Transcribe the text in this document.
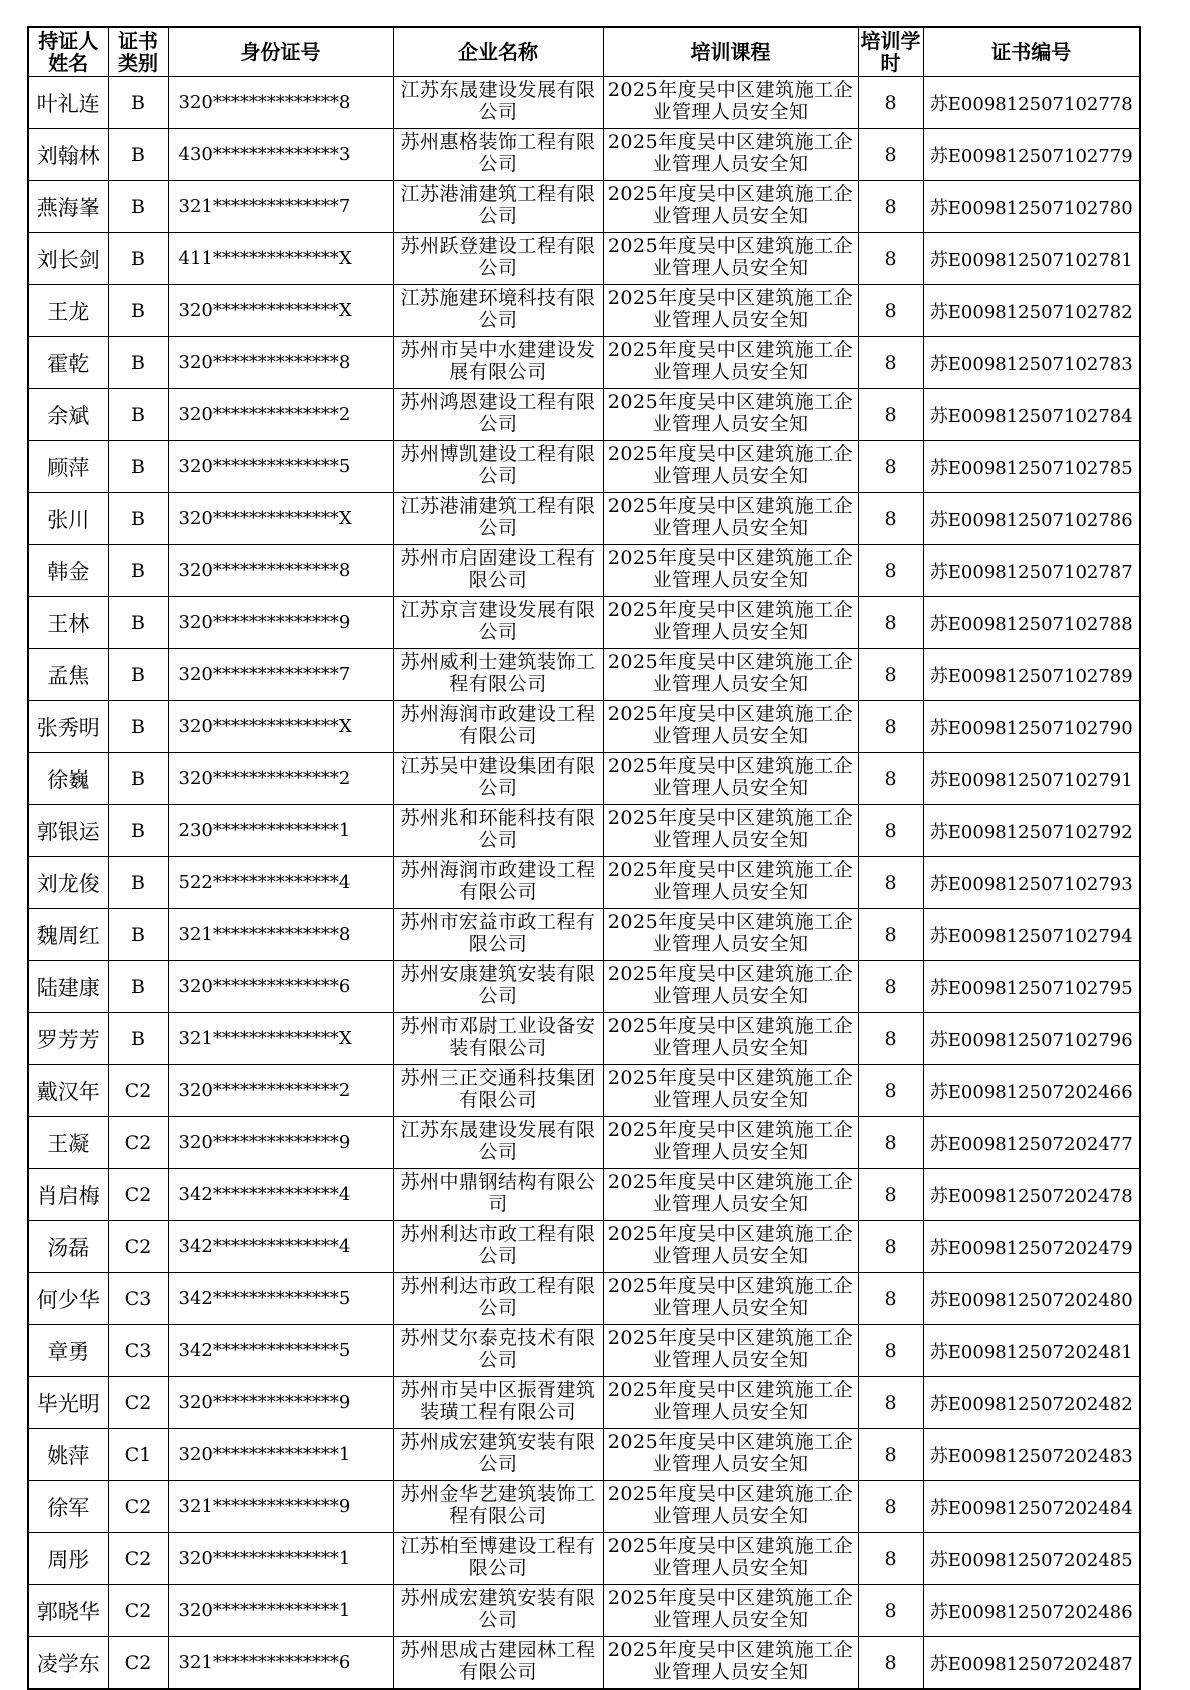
持证人姓名	证书类别	身份证号	企业名称	培训课程	培训学时	证书编号
叶礼连	B	320**************8	江苏东晟建设发展有限公司	2025年度吴中区建筑施工企业管理人员安全知	8	苏E009812507102778
刘翰林	B	430**************3	苏州惠格装饰工程有限公司	2025年度吴中区建筑施工企业管理人员安全知	8	苏E009812507102779
燕海峯	B	321**************7	江苏港浦建筑工程有限公司	2025年度吴中区建筑施工企业管理人员安全知	8	苏E009812507102780
刘长剑	B	411**************X	苏州跃登建设工程有限公司	2025年度吴中区建筑施工企业管理人员安全知	8	苏E009812507102781
王龙	B	320**************X	江苏施建环境科技有限公司	2025年度吴中区建筑施工企业管理人员安全知	8	苏E009812507102782
霍乾	B	320**************8	苏州市吴中水建建设发展有限公司	2025年度吴中区建筑施工企业管理人员安全知	8	苏E009812507102783
余斌	B	320**************2	苏州鸿恩建设工程有限公司	2025年度吴中区建筑施工企业管理人员安全知	8	苏E009812507102784
顾萍	B	320**************5	苏州博凯建设工程有限公司	2025年度吴中区建筑施工企业管理人员安全知	8	苏E009812507102785
张川	B	320**************X	江苏港浦建筑工程有限公司	2025年度吴中区建筑施工企业管理人员安全知	8	苏E009812507102786
韩金	B	320**************8	苏州市启固建设工程有限公司	2025年度吴中区建筑施工企业管理人员安全知	8	苏E009812507102787
王林	B	320**************9	江苏京言建设发展有限公司	2025年度吴中区建筑施工企业管理人员安全知	8	苏E009812507102788
孟焦	B	320**************7	苏州威利士建筑装饰工程有限公司	2025年度吴中区建筑施工企业管理人员安全知	8	苏E009812507102789
张秀明	B	320**************X	苏州海润市政建设工程有限公司	2025年度吴中区建筑施工企业管理人员安全知	8	苏E009812507102790
徐巍	B	320**************2	江苏吴中建设集团有限公司	2025年度吴中区建筑施工企业管理人员安全知	8	苏E009812507102791
郭银运	B	230**************1	苏州兆和环能科技有限公司	2025年度吴中区建筑施工企业管理人员安全知	8	苏E009812507102792
刘龙俊	B	522**************4	苏州海润市政建设工程有限公司	2025年度吴中区建筑施工企业管理人员安全知	8	苏E009812507102793
魏周红	B	321**************8	苏州市宏益市政工程有限公司	2025年度吴中区建筑施工企业管理人员安全知	8	苏E009812507102794
陆建康	B	320**************6	苏州安康建筑安装有限公司	2025年度吴中区建筑施工企业管理人员安全知	8	苏E009812507102795
罗芳芳	B	321**************X	苏州市邓尉工业设备安装有限公司	2025年度吴中区建筑施工企业管理人员安全知	8	苏E009812507102796
戴汉年	C2	320**************2	苏州三正交通科技集团有限公司	2025年度吴中区建筑施工企业管理人员安全知	8	苏E009812507202466
王凝	C2	320**************9	江苏东晟建设发展有限公司	2025年度吴中区建筑施工企业管理人员安全知	8	苏E009812507202477
肖启梅	C2	342**************4	苏州中鼎钢结构有限公司	2025年度吴中区建筑施工企业管理人员安全知	8	苏E009812507202478
汤磊	C2	342**************4	苏州利达市政工程有限公司	2025年度吴中区建筑施工企业管理人员安全知	8	苏E009812507202479
何少华	C3	342**************5	苏州利达市政工程有限公司	2025年度吴中区建筑施工企业管理人员安全知	8	苏E009812507202480
章勇	C3	342**************5	苏州艾尔泰克技术有限公司	2025年度吴中区建筑施工企业管理人员安全知	8	苏E009812507202481
毕光明	C2	320**************9	苏州市吴中区振胥建筑装璜工程有限公司	2025年度吴中区建筑施工企业管理人员安全知	8	苏E009812507202482
姚萍	C1	320**************1	苏州成宏建筑安装有限公司	2025年度吴中区建筑施工企业管理人员安全知	8	苏E009812507202483
徐军	C2	321**************9	苏州金华艺建筑装饰工程有限公司	2025年度吴中区建筑施工企业管理人员安全知	8	苏E009812507202484
周彤	C2	320**************1	江苏柏至博建设工程有限公司	2025年度吴中区建筑施工企业管理人员安全知	8	苏E009812507202485
郭晓华	C2	320**************1	苏州成宏建筑安装有限公司	2025年度吴中区建筑施工企业管理人员安全知	8	苏E009812507202486
凌学东	C2	321**************6	苏州思成古建园林工程有限公司	2025年度吴中区建筑施工企业管理人员安全知	8	苏E009812507202487
